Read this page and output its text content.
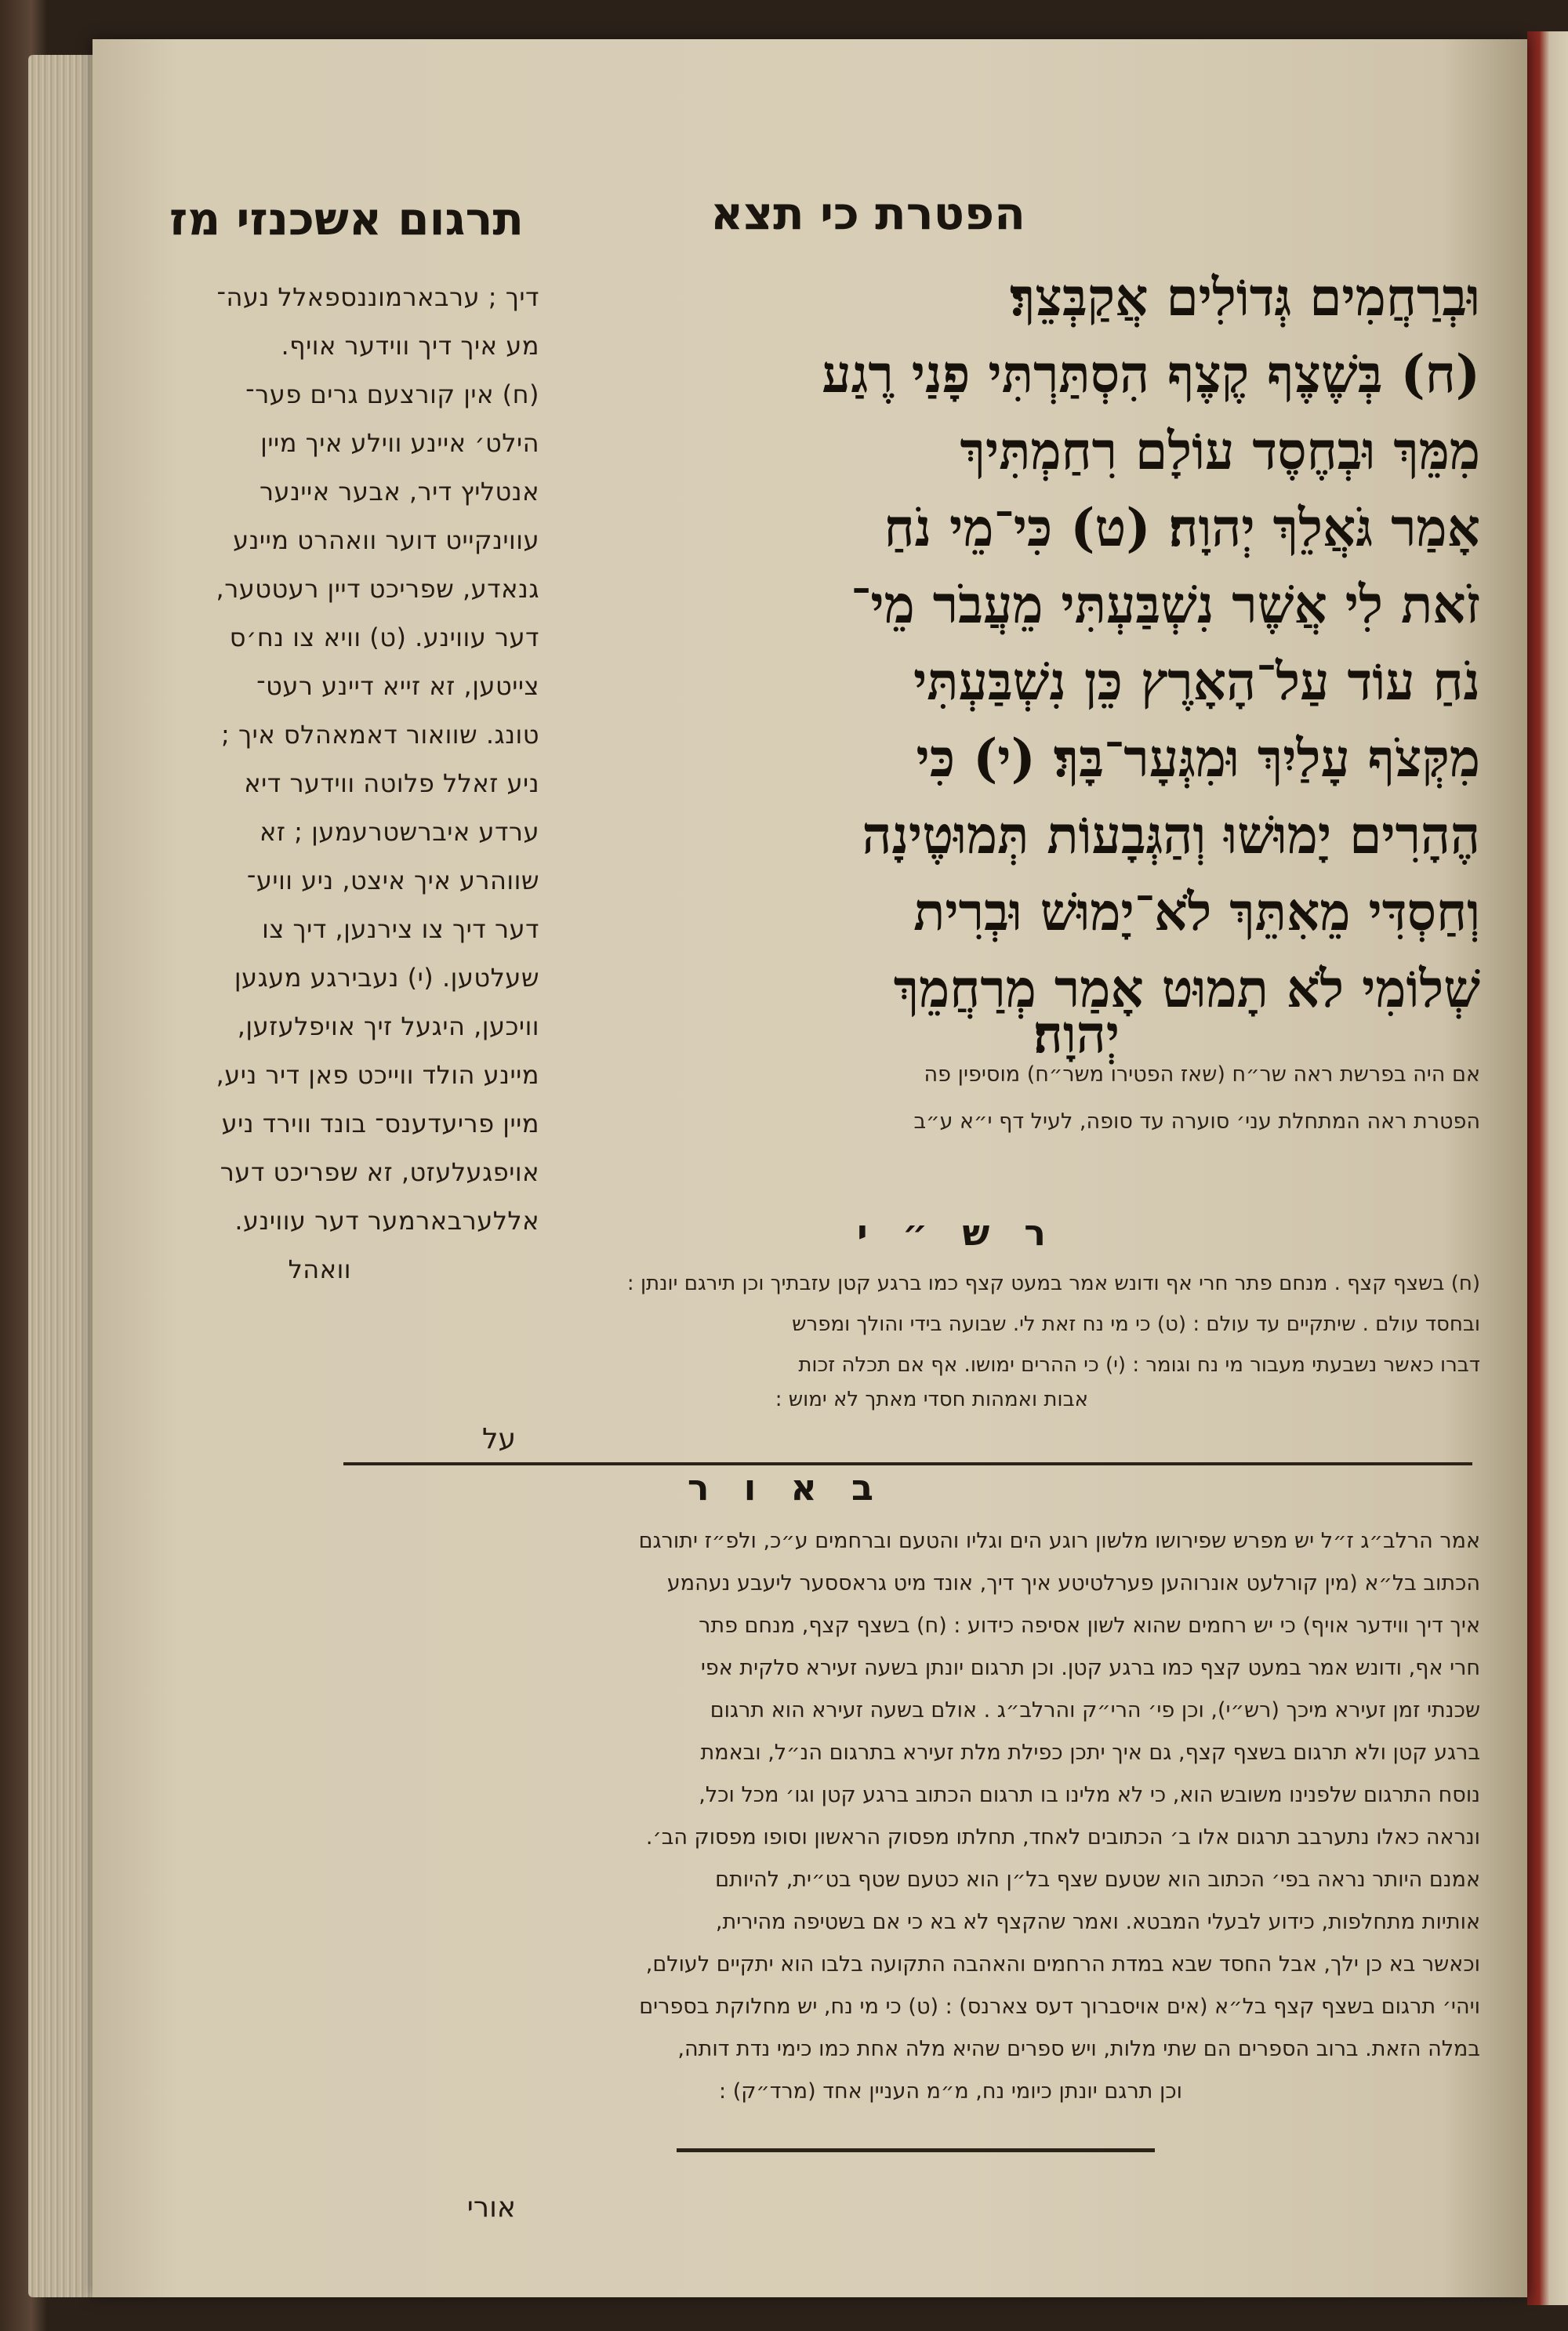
הפטרת כי תצא
תרגום אשכנזי מז
וּבְרַחֲמִים גְּדוֹלִים אֲקַבְּצֵךְ׃
(ח) בְּשֶׁצֶף קֶצֶף הִסְתַּרְתִּי פָנַי רֶגַע
מִמֵּךְ וּבְחֶסֶד עוֹלָם רִחַמְתִּיךְ
אָמַר גֹּאֲלֵךְ יְהוָה׃ (ט) כִּי־מֵי נֹחַ
זֹאת לִי אֲשֶׁר נִשְׁבַּעְתִּי מֵעֲבֹר מֵי־
נֹחַ עוֹד עַל־הָאָרֶץ כֵּן נִשְׁבַּעְתִּי
מִקְּצֹף עָלַיִךְ וּמִגְּעָר־בָּךְ׃ (י) כִּי
הֶהָרִים יָמוּשׁוּ וְהַגְּבָעוֹת תְּמוּטֶינָה
וְחַסְדִּי מֵאִתֵּךְ לֹא־יָמוּשׁ וּבְרִית
שְׁלוֹמִי לֹא תָמוּט אָמַר מְרַחֲמֵךְ
יְהוָה׃
אם היה בפרשת ראה שר״ח (שאז הפטירו משר״ח) מוסיפין פה
הפטרת ראה המתחלת עני׳ סוערה עד סופה, לעיל דף י״א ע״ב
דיך ; ערבארמוננספאלל נעה־
מע איך דיך ווידער אויף.
(ח) אין קורצעם גרים פער־
הילט׳ איינע ווילע איך מיין
אנטליץ דיר, אבער איינער
עווינקייט דוער וואהרט מיינע
גנאדע, שפריכט דיין רעטטער,
דער עווינע. (ט) וויא צו נח׳ס
צייטען, זא זייא דיינע רעט־
טונג. שוואור דאמאהלס איך ;
ניע זאלל פלוטה ווידער דיא
ערדע איברשטרעמען ; זא
שווהרע איך איצט, ניע וויע־
דער דיך צו צירנען, דיך צו
שעלטען. (י) נעבירגע מעגען
וויכען, היגעל זיך אויפלעזען,
מיינע הולד ווייכט פאן דיר ניע,
מיין פריעדענס־ בונד ווירד ניע
אויפגעלעזט, זא שפריכט דער
אללערבארמער דער עווינע.
וואהל
ר ש ״ י
(ח) בשצף קצף . מנחם פתר חרי אף ודונש אמר במעט קצף כמו ברגע קטן עזבתיך וכן תירגם יונתן :
ובחסד עולם . שיתקיים עד עולם : (ט) כי מי נח זאת לי. שבועה בידי והולך ומפרש
דברו כאשר נשבעתי מעבור מי נח וגומר : (י) כי ההרים ימושו. אף אם תכלה זכות
אבות ואמהות חסדי מאתך לא ימוש :
על
ב א ו ר
אמר הרלב״ג ז״ל יש מפרש שפירושו מלשון רוגע הים וגליו והטעם וברחמים ע״כ, ולפ״ז יתורגם
הכתוב בל״א (מין קורלעט אונרוהען פערלטיטע איך דיך, אונד מיט גראססער ליעבע נעהמע
איך דיך ווידער אויף) כי יש רחמים שהוא לשון אסיפה כידוע : (ח) בשצף קצף, מנחם פתר
חרי אף, ודונש אמר במעט קצף כמו ברגע קטן. וכן תרגום יונתן בשעה זעירא סלקית אפי
שכנתי זמן זעירא מיכך (רש״י), וכן פי׳ הרי״ק והרלב״ג . אולם בשעה זעירא הוא תרגום
ברגע קטן ולא תרגום בשצף קצף, גם איך יתכן כפילת מלת זעירא בתרגום הנ״ל, ובאמת
נוסח התרגום שלפנינו משובש הוא, כי לא מלינו בו תרגום הכתוב ברגע קטן וגו׳ מכל וכל,
ונראה כאלו נתערבב תרגום אלו ב׳ הכתובים לאחד, תחלתו מפסוק הראשון וסופו מפסוק הב׳.
אמנם היותר נראה בפי׳ הכתוב הוא שטעם שצף בל״ן הוא כטעם שטף בט״ית, להיותם
אותיות מתחלפות, כידוע לבעלי המבטא. ואמר שהקצף לא בא כי אם בשטיפה מהירית,
וכאשר בא כן ילך, אבל החסד שבא במדת הרחמים והאהבה התקועה בלבו הוא יתקיים לעולם,
ויהי׳ תרגום בשצף קצף בל״א (אים אויסברוך דעס צארנס) : (ט) כי מי נח, יש מחלוקת בספרים
במלה הזאת. ברוב הספרים הם שתי מלות, ויש ספרים שהיא מלה אחת כמו כימי נדת דותה,
וכן תרגם יונתן כיומי נח, מ״מ העניין אחד (מרד״ק) :
אורי
